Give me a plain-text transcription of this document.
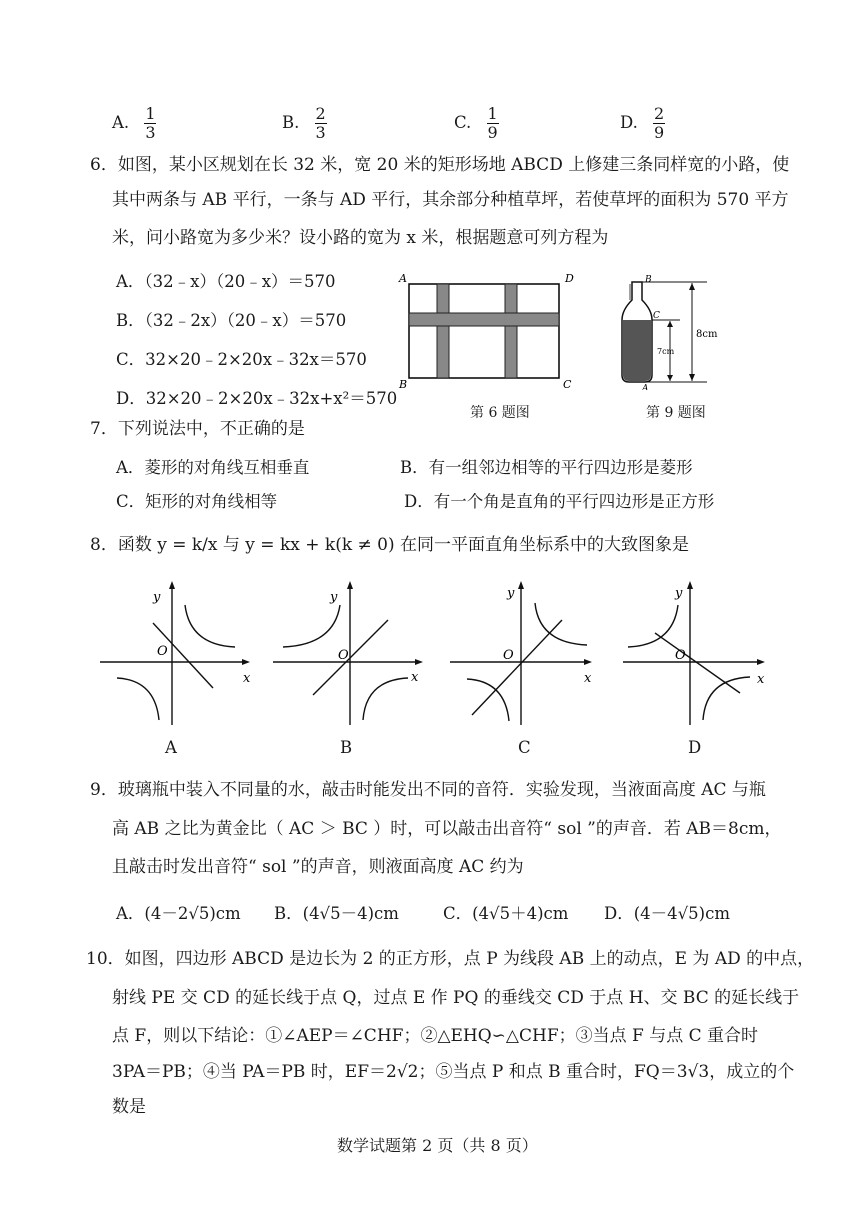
A. $\frac{1}{3}$	B. $\frac{2}{3}$	C. $\frac{1}{9}$	D. $\frac{2}{9}$
6．如图，某小区规划在长 32 米，宽 20 米的矩形场地 ABCD 上修建三条同样宽的小路，使
其中两条与 AB 平行，一条与 AD 平行，其余部分种植草坪，若使草坪的面积为 570 平方
米，问小路宽为多少米？设小路的宽为 x 米，根据题意可列方程为
A．（32﹣x）（20﹣x）＝570
B．（32﹣2x）（20﹣x）＝570
C．32×20﹣2×20x﹣32x＝570
D．32×20﹣2×20x﹣32x+x²＝570
A	D
B	C
第 6 题图
B
C
A
8cm
7cm
第 9 题图
7．下列说法中，不正确的是
A．菱形的对角线互相垂直	B．有一组邻边相等的平行四边形是菱形
C．矩形的对角线相等	D．有一个角是直角的平行四边形是正方形
8．函数 y = k/x 与 y = kx + k(k ≠ 0) 在同一平面直角坐标系中的大致图象是
y
x
O
A
y
x
O
B
y
x
O
C
y
x
O
D
9．玻璃瓶中装入不同量的水，敲击时能发出不同的音符．实验发现，当液面高度 AC 与瓶
高 AB 之比为黄金比（ AC ＞ BC ）时，可以敲击出音符“ sol ”的声音．若 AB＝8cm，
且敲击时发出音符“ sol ”的声音，则液面高度 AC 约为
A．(4－2√5)cm B．(4√5－4)cm	C．(4√5＋4)cm D．(4－4√5)cm
10．如图，四边形 ABCD 是边长为 2 的正方形，点 P 为线段 AB 上的动点，E 为 AD 的中点，
射线 PE 交 CD 的延长线于点 Q，过点 E 作 PQ 的垂线交 CD 于点 H、交 BC 的延长线于
点 F，则以下结论：①∠AEP＝∠CHF；②△EHQ∽△CHF；③当点 F 与点 C 重合时
3PA＝PB；④当 PA＝PB 时，EF＝2√2；⑤当点 P 和点 B 重合时，FQ＝3√3，成立的个
数是
数学试题第 2 页（共 8 页）
